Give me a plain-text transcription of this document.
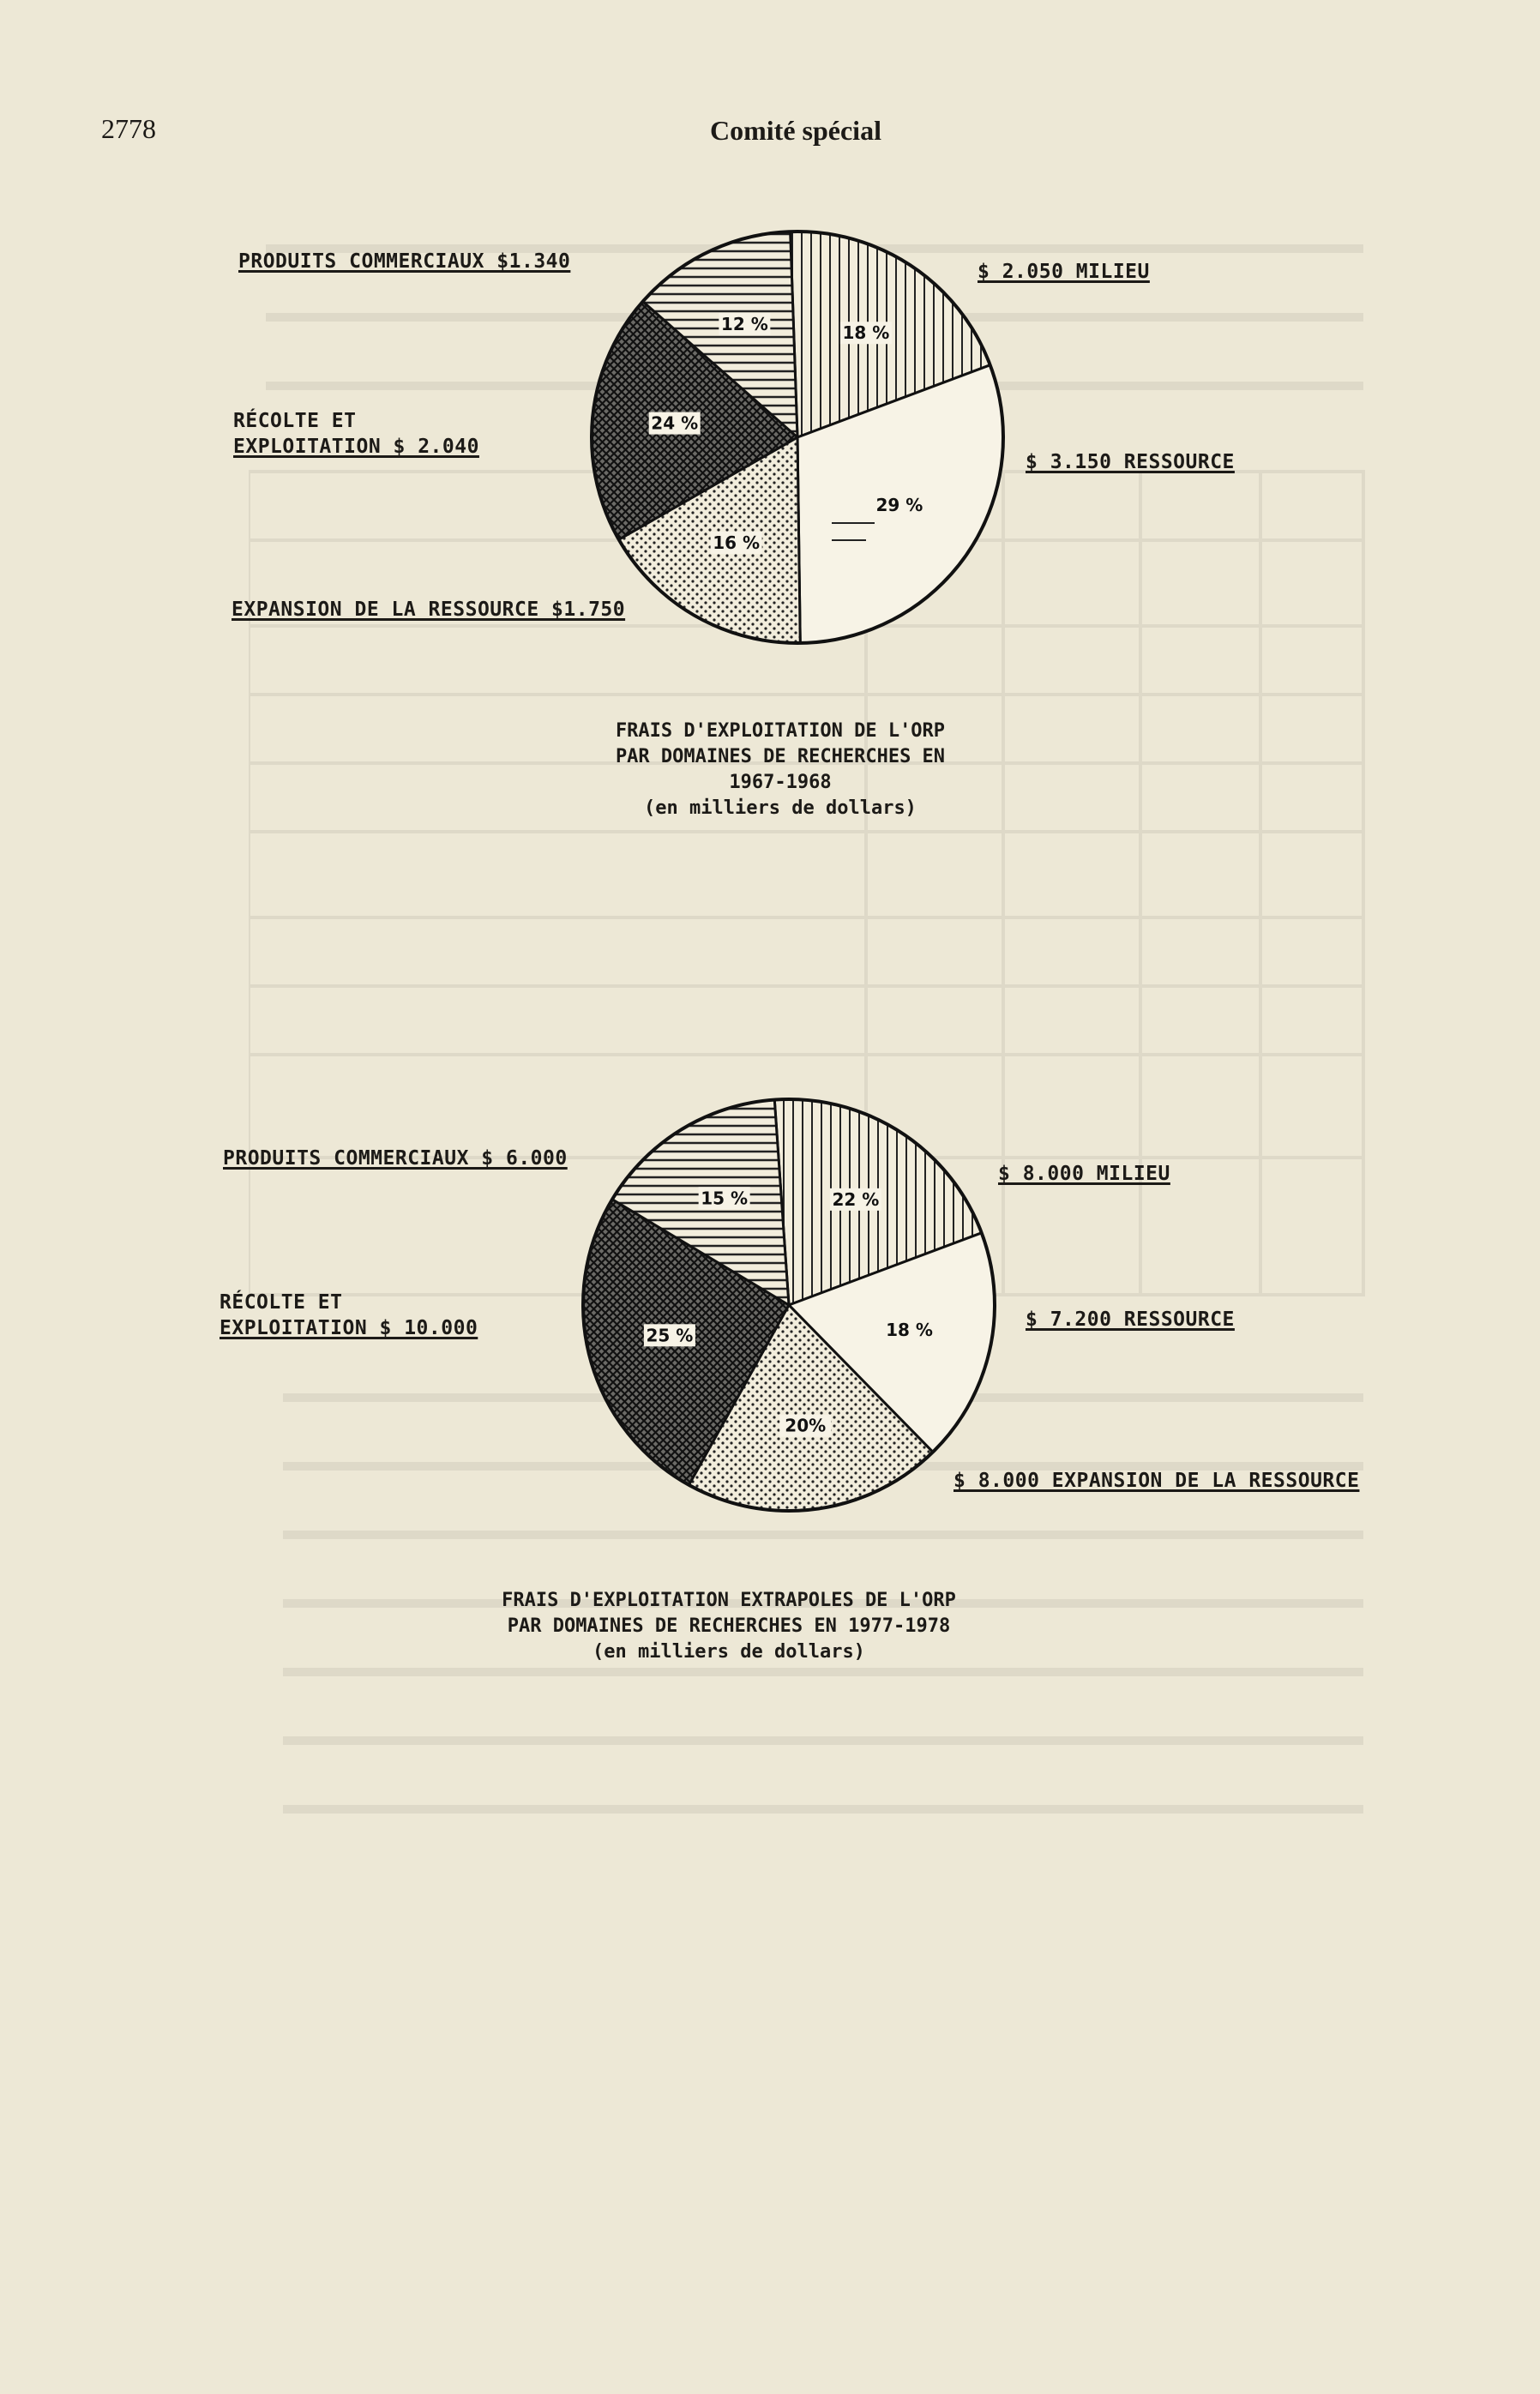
2778	Comité spécial
18 %
29 %
16 %
24 %
12 %
PRODUITS COMMERCIAUX $1.340	$ 2.050 MILIEU
RÉCOLTE ET
EXPLOITATION $ 2.040
$ 3.150 RESSOURCE
EXPANSION DE LA RESSOURCE $1.750
FRAIS D'EXPLOITATION DE L'ORP
PAR DOMAINES DE RECHERCHES EN
1967-1968
(en milliers de dollars)
22 %
18 %
20%
25 %
15 %
PRODUITS COMMERCIAUX $ 6.000
$ 8.000 MILIEU
RÉCOLTE ET
EXPLOITATION $ 10.000	$ 7.200 RESSOURCE
$ 8.000 EXPANSION DE LA RESSOURCE
FRAIS D'EXPLOITATION EXTRAPOLES DE L'ORP
PAR DOMAINES DE RECHERCHES EN 1977-1978
(en milliers de dollars)
